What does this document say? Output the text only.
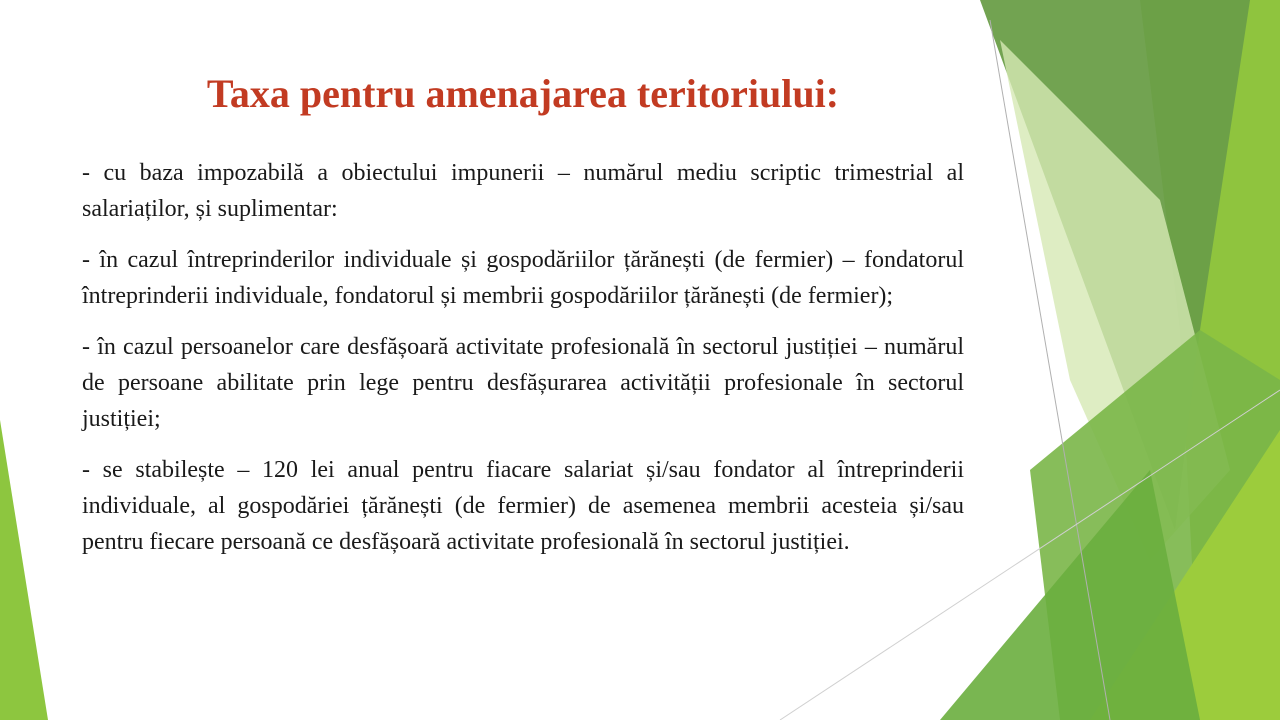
Taxa pentru amenajarea teritoriului:

- cu baza impozabilă a obiectului impunerii – numărul mediu scriptic trimestrial al salariaților, și suplimentar:

- în cazul întreprinderilor individuale și gospodăriilor țărănești (de fermier) – fondatorul întreprinderii individuale, fondatorul și membrii gospodăriilor țărănești (de fermier);

- în cazul persoanelor care desfășoară activitate profesională în sectorul justiției – numărul de persoane abilitate prin lege pentru desfășurarea activității profesionale în sectorul justiției;

- se stabilește – 120 lei anual pentru fiacare salariat și/sau fondator al întreprinderii individuale, al gospodăriei țărănești (de fermier) de asemenea membrii acesteia și/sau pentru fiecare persoană ce desfășoară activitate profesională în sectorul justiției.
